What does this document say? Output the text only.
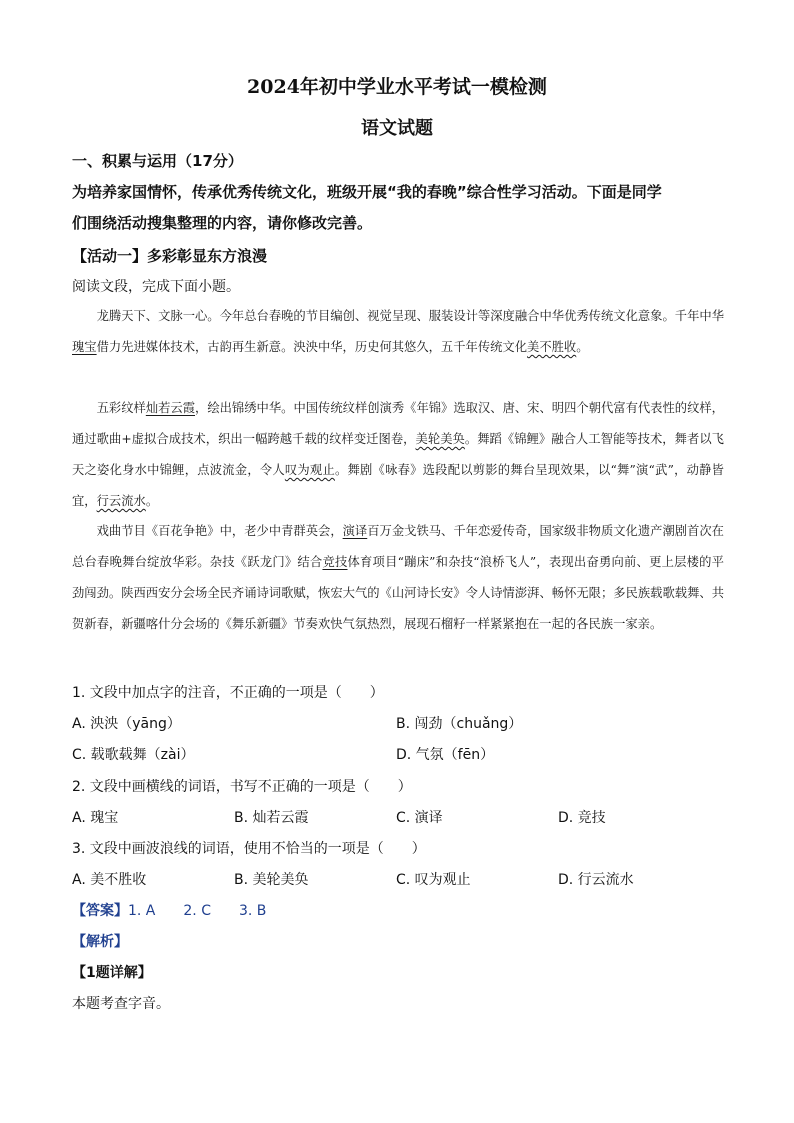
2024年初中学业水平考试一模检测
语文试题
一、积累与运用（17分）
为培养家国情怀，传承优秀传统文化，班级开展“我的春晚”综合性学习活动。下面是同学
们围绕活动搜集整理的内容，请你修改完善。
【活动一】多彩彰显东方浪漫
阅读文段，完成下面小题。

龙腾天下、文脉一心。今年总台春晚的节目编创、视觉呈现、服装设计等深度融合中华优秀传统文化意象。千年中华瑰宝借力先进媒体技术，古韵再生新意。泱泱中华，历史何其悠久，五千年传统文化美不胜收。

五彩纹样灿若云霞，绘出锦绣中华。中国传统纹样创演秀《年锦》选取汉、唐、宋、明四个朝代富有代表性的纹样，通过歌曲+虚拟合成技术，织出一幅跨越千载的纹样变迁图卷，美轮美奂。舞蹈《锦鲤》融合人工智能等技术，舞者以飞天之姿化身水中锦鲤，点波流金，令人叹为观止。舞剧《咏春》选段配以剪影的舞台呈现效果，以“舞”演“武”，动静皆宜，行云流水。

戏曲节目《百花争艳》中，老少中青群英会，演译百万金戈铁马、千年恋爱传奇，国家级非物质文化遗产潮剧首次在总台春晚舞台绽放华彩。杂技《跃龙门》结合竞技体育项目“蹦床”和杂技“浪桥飞人”，表现出奋勇向前、更上层楼的平劲闯劲。陕西西安分会场全民齐诵诗词歌赋，恢宏大气的《山河诗长安》令人诗情澎湃、畅怀无限；多民族载歌载舞、共贺新春，新疆喀什分会场的《舞乐新疆》节奏欢快气氛热烈，展现石榴籽一样紧紧抱在一起的各民族一家亲。

1. 文段中加点字的注音，不正确的一项是（　　）
A. 泱泱（yāng）	B. 闯劲（chuǎng）
C. 载歌载舞（zài）	D. 气氛（fēn）
2. 文段中画横线的词语，书写不正确的一项是（　　）
A. 瑰宝	B. 灿若云霞	C. 演译	D. 竞技
3. 文段中画波浪线的词语，使用不恰当的一项是（　　）
A. 美不胜收	B. 美轮美奂	C. 叹为观止	D. 行云流水
【答案】1. A　　2. C　　3. B
【解析】
【1题详解】
本题考查字音。
